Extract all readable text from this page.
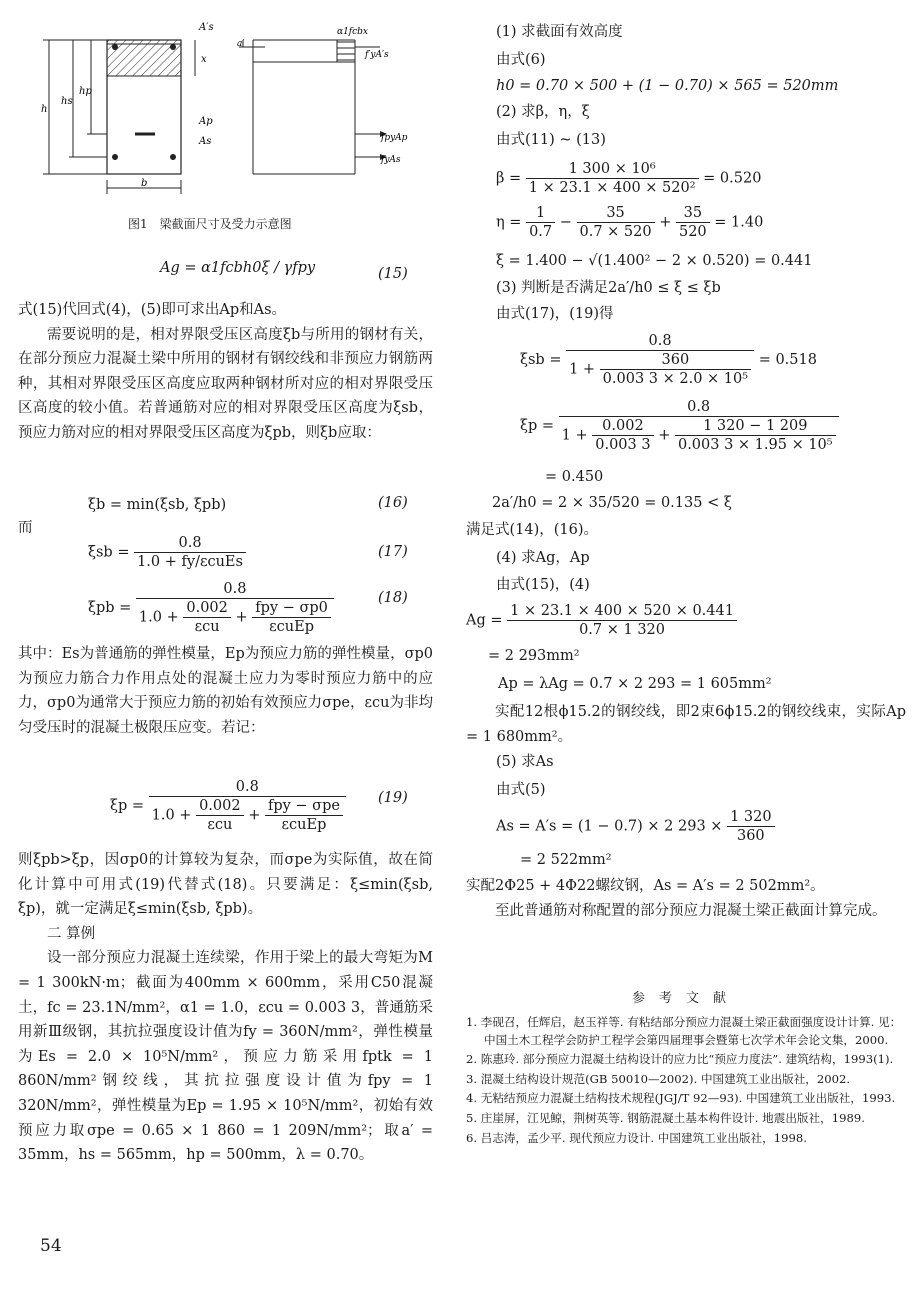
h
hs
hp
A′s
x
Ap
As
b
a′
α1fcbx
f′yA′s
fpyAp
fyAs
图1　梁截面尺寸及受力示意图
Ag = α1fcbh0ξ / γfpy	(15)

式(15)代回式(4)，(5)即可求出Ap和As。

需要说明的是，相对界限受压区高度ξb与所用的钢材有关，在部分预应力混凝土梁中所用的钢材有钢绞线和非预应力钢筋两种，其相对界限受压区高度应取两种钢材所对应的相对界限受压区高度的较小值。若普通筋对应的相对界限受压区高度为ξsb，预应力筋对应的相对界限受压区高度为ξpb，则ξb应取：

ξb = min(ξsb, ξpb)	(16)
而
$\xi sb = \frac{0.8}{\text{1.0 + fy/εcuEs}}$	(17)
$\xi pb = \frac{0.8}{1.0 + \frac{0.002}{\text{εcu}} + \frac{\text{fpy − σp0}}{\text{εcuEp}}}$	(18)

其中：Es为普通筋的弹性模量，Ep为预应力筋的弹性模量，σp0为预应力筋合力作用点处的混凝土应力为零时预应力筋中的应力，σp0为通常大于预应力筋的初始有效预应力σpe，εcu为非均匀受压时的混凝土极限压应变。若记：

$\xi p = \frac{0.8}{1.0 + \frac{0.002}{\text{εcu}} + \frac{\text{fpy − σpe}}{\text{εcuEp}}} (19)$

则ξpb>ξp，因σp0的计算较为复杂，而σpe为实际值，故在简化计算中可用式(19)代替式(18)。只要满足：ξ≤min(ξsb, ξp)，就一定满足ξ≤min(ξsb, ξpb)。

二 算例

设一部分预应力混凝土连续梁，作用于梁上的最大弯矩为M = 1 300kN·m；截面为400mm × 600mm，采用C50混凝土，fc = 23.1N/mm²，α1 = 1.0，εcu = 0.003 3，普通筋采用新Ⅲ级钢，其抗拉强度设计值为fy = 360N/mm²，弹性模量为Es = 2.0 × 10⁵N/mm²，预应力筋采用fptk = 1 860N/mm²钢绞线，其抗拉强度设计值为fpy = 1 320N/mm²，弹性模量为Ep = 1.95 × 10⁵N/mm²，初始有效预应力取σpe = 0.65 × 1 860 = 1 209N/mm²；取a′ = 35mm，hs = 565mm，hp = 500mm，λ = 0.70。

(1) 求截面有效高度
由式(6)
h0 = 0.70 × 500 + (1 − 0.70) × 565 = 520mm
(2) 求β，η，ξ
由式(11) ~ (13)
$\beta = \frac{\text{1 300 × 10⁶}}{\text{1 × 23.1 × 400 × 520²}} = 0.520$
$\eta = \frac{1}{0.7} - \frac{35}{0.7 \times 520} + \frac{35}{520} = 1.40$
ξ = 1.400 − √(1.400² − 2 × 0.520) = 0.441
(3) 判断是否满足2a′/h0 ≤ ξ ≤ ξb
由式(17)，(19)得
$\xi sb = \frac{0.8}{1 + \frac{360}{\text{0.003 3 × 2.0 × 10⁵}}} = 0.518$
$\xi p = \frac{0.8}{1 + \frac{0.002}{0.003 3} + \frac{1 320 - 1 209}{\text{0.003 3 × 1.95 × 10⁵}}}$
= 0.450
2a′/h0 = 2 × 35/520 = 0.135 < ξ
满足式(14)，(16)。
(4) 求Ag，Ap
由式(15)，(4)
$Ag = \frac{1 \times 23.1 \times 400 \times 520 \times 0.441}{0.7 \times 1 320}$
= 2 293mm²
Ap = λAg = 0.7 × 2 293 = 1 605mm²

实配12根ϕ15.2的钢绞线，即2束6ϕ15.2的钢绞线束，实际Ap = 1 680mm²。

(5) 求As
由式(5)
As = A′s = (1 − 0.7) × 2 $293 \times \frac{1 320}{360}$
= 2 522mm²

实配2Φ25 + 4Φ22螺纹钢，As = A′s = 2 502mm²。

至此普通筋对称配置的部分预应力混凝土梁正截面计算完成。

参考文献
1. 李砚召，任辉启，赵玉祥等. 有粘结部分预应力混凝土梁正截面强度设计计算. 见：中国土木工程学会防护工程学会第四届理事会暨第七次学术年会论文集，2000.
2. 陈惠玲. 部分预应力混凝土结构设计的应力比“预应力度法”. 建筑结构，1993(1).
3. 混凝土结构设计规范(GB 50010—2002). 中国建筑工业出版社，2002.
4. 无粘结预应力混凝土结构技术规程(JGJ/T 92—93). 中国建筑工业出版社，1993.
5. 庄崖屏，江见鲸，荆树英等. 钢筋混凝土基本构件设计. 地震出版社，1989.
6. 吕志涛，孟少平. 现代预应力设计. 中国建筑工业出版社，1998.
54
